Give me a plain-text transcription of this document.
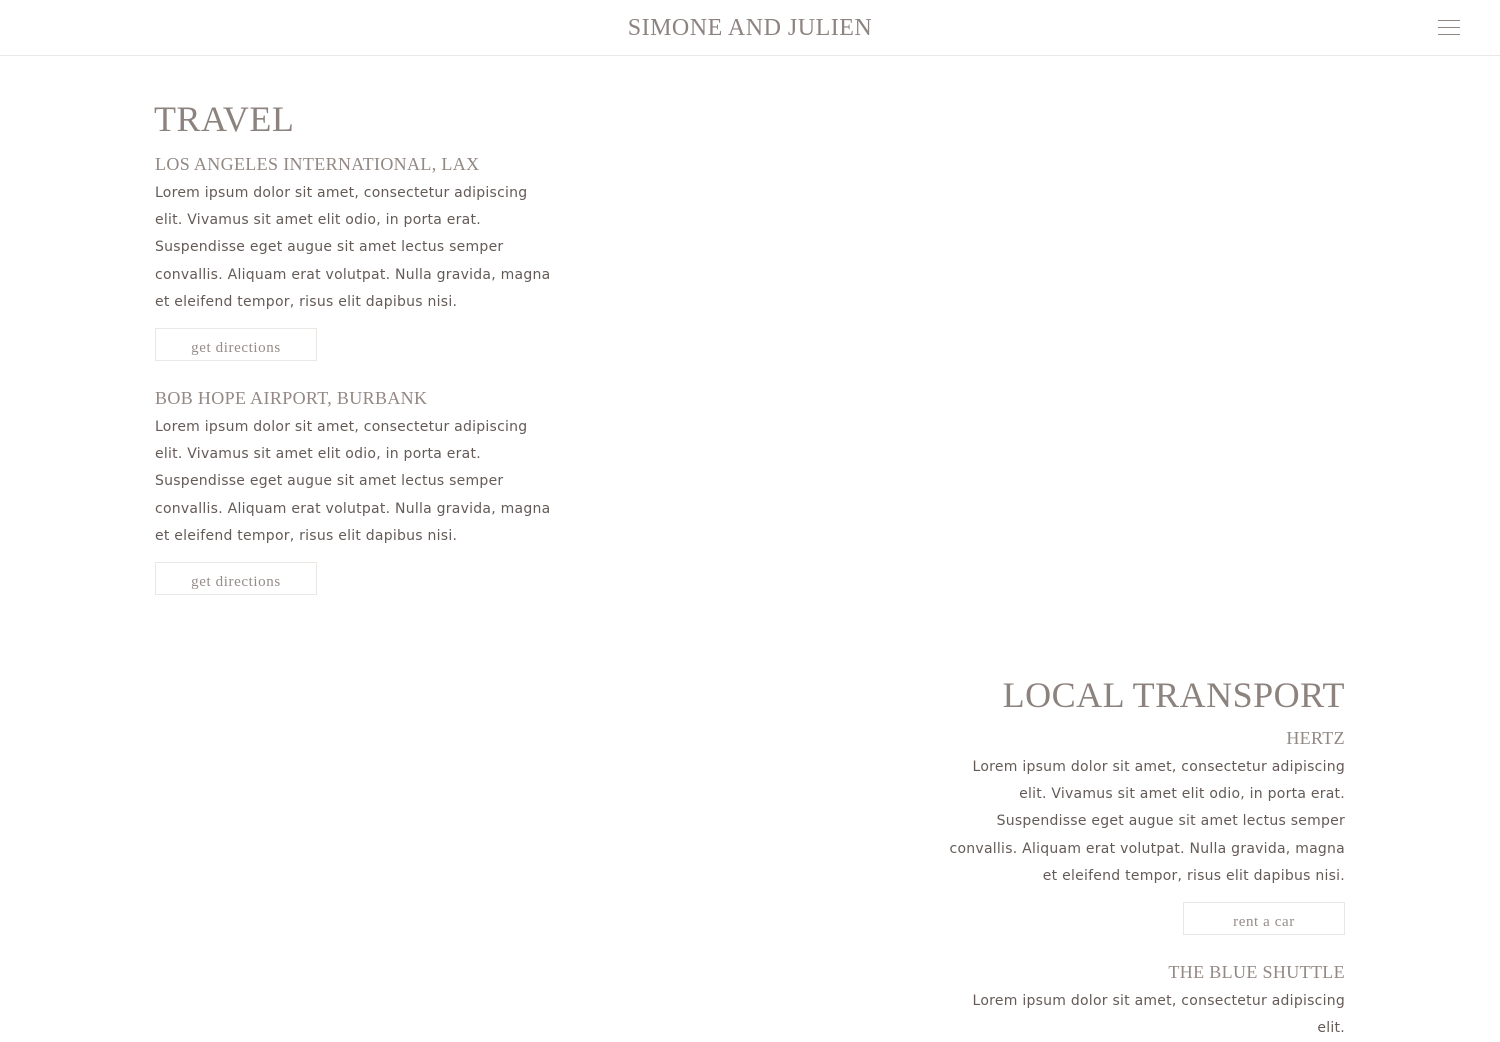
SIMONE AND JULIEN
TRAVEL
LOS ANGELES INTERNATIONAL, LAX

Lorem ipsum dolor sit amet, consectetur adipiscing elit. Vivamus sit amet elit odio, in porta erat. Suspendisse eget augue sit amet lectus semper convallis. Aliquam erat volutpat. Nulla gravida, magna et eleifend tempor, risus elit dapibus nisi.

get directions
BOB HOPE AIRPORT, BURBANK

Lorem ipsum dolor sit amet, consectetur adipiscing elit. Vivamus sit amet elit odio, in porta erat. Suspendisse eget augue sit amet lectus semper convallis. Aliquam erat volutpat. Nulla gravida, magna et eleifend tempor, risus elit dapibus nisi.

get directions
LOCAL TRANSPORT
HERTZ

Lorem ipsum dolor sit amet, consectetur adipiscing elit. Vivamus sit amet elit odio, in porta erat. Suspendisse eget augue sit amet lectus semper convallis. Aliquam erat volutpat. Nulla gravida, magna et eleifend tempor, risus elit dapibus nisi.

rent a car
THE BLUE SHUTTLE

Lorem ipsum dolor sit amet, consectetur adipiscing elit.
